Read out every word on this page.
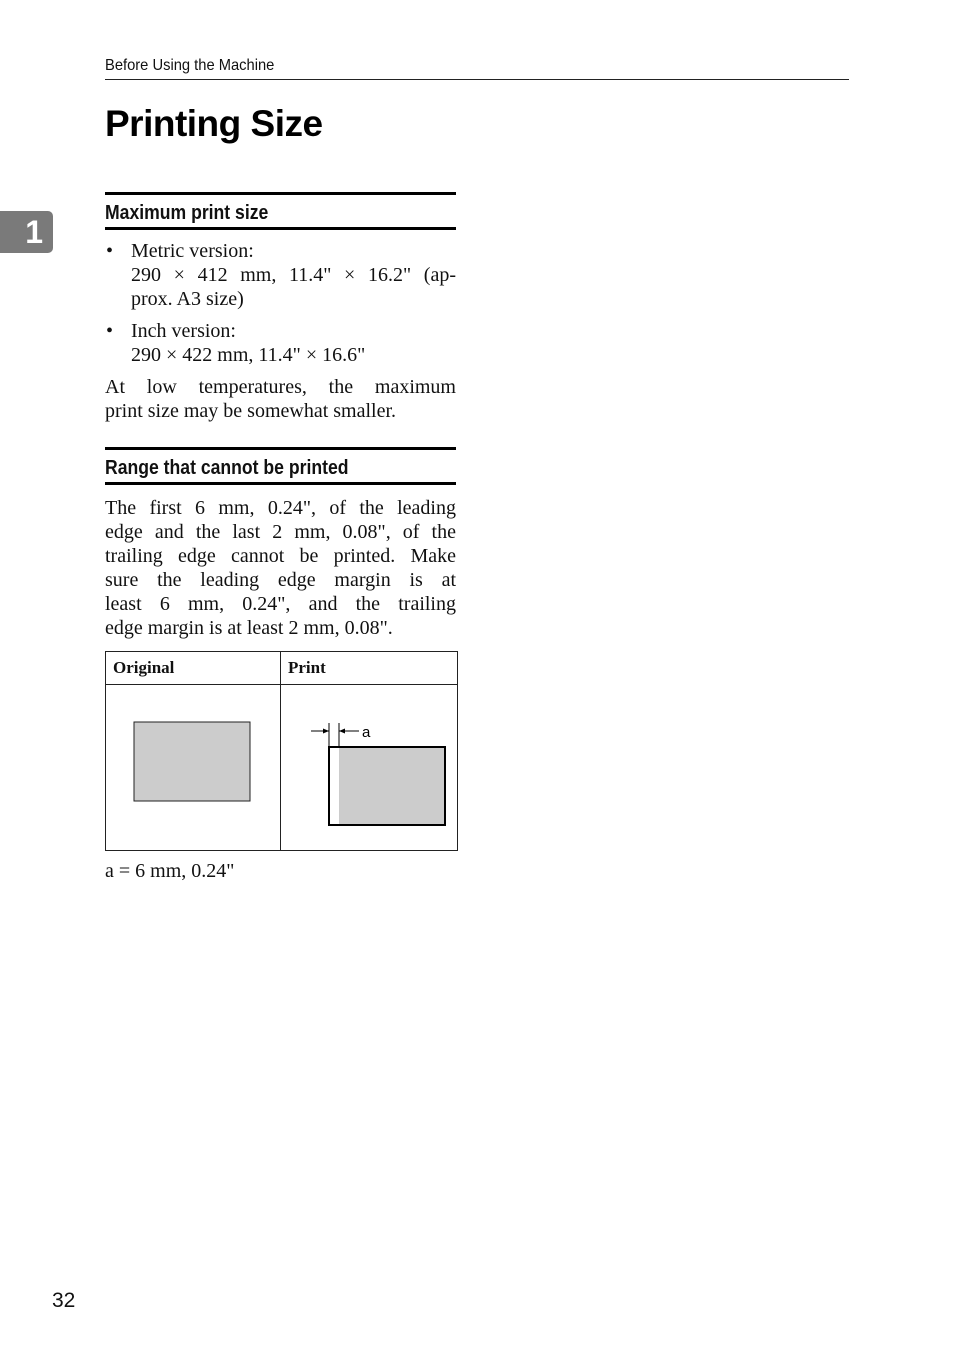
Before Using the Machine
1
Printing Size
Maximum print size
• Metric version:
290 × 412 mm, 11.4" × 16.2" (ap-
prox. A3 size)
• Inch version:
290 × 422 mm, 11.4" × 16.6"

At low temperatures, the maximum
print size may be somewhat smaller.

Range that cannot be printed

The first 6 mm, 0.24", of the leading
edge and the last 2 mm, 0.08", of the
trailing edge cannot be printed. Make
sure the leading edge margin is at
least 6 mm, 0.24", and the trailing
edge margin is at least 2 mm, 0.08".

Original	Print

a
a = 6 mm, 0.24"
32
